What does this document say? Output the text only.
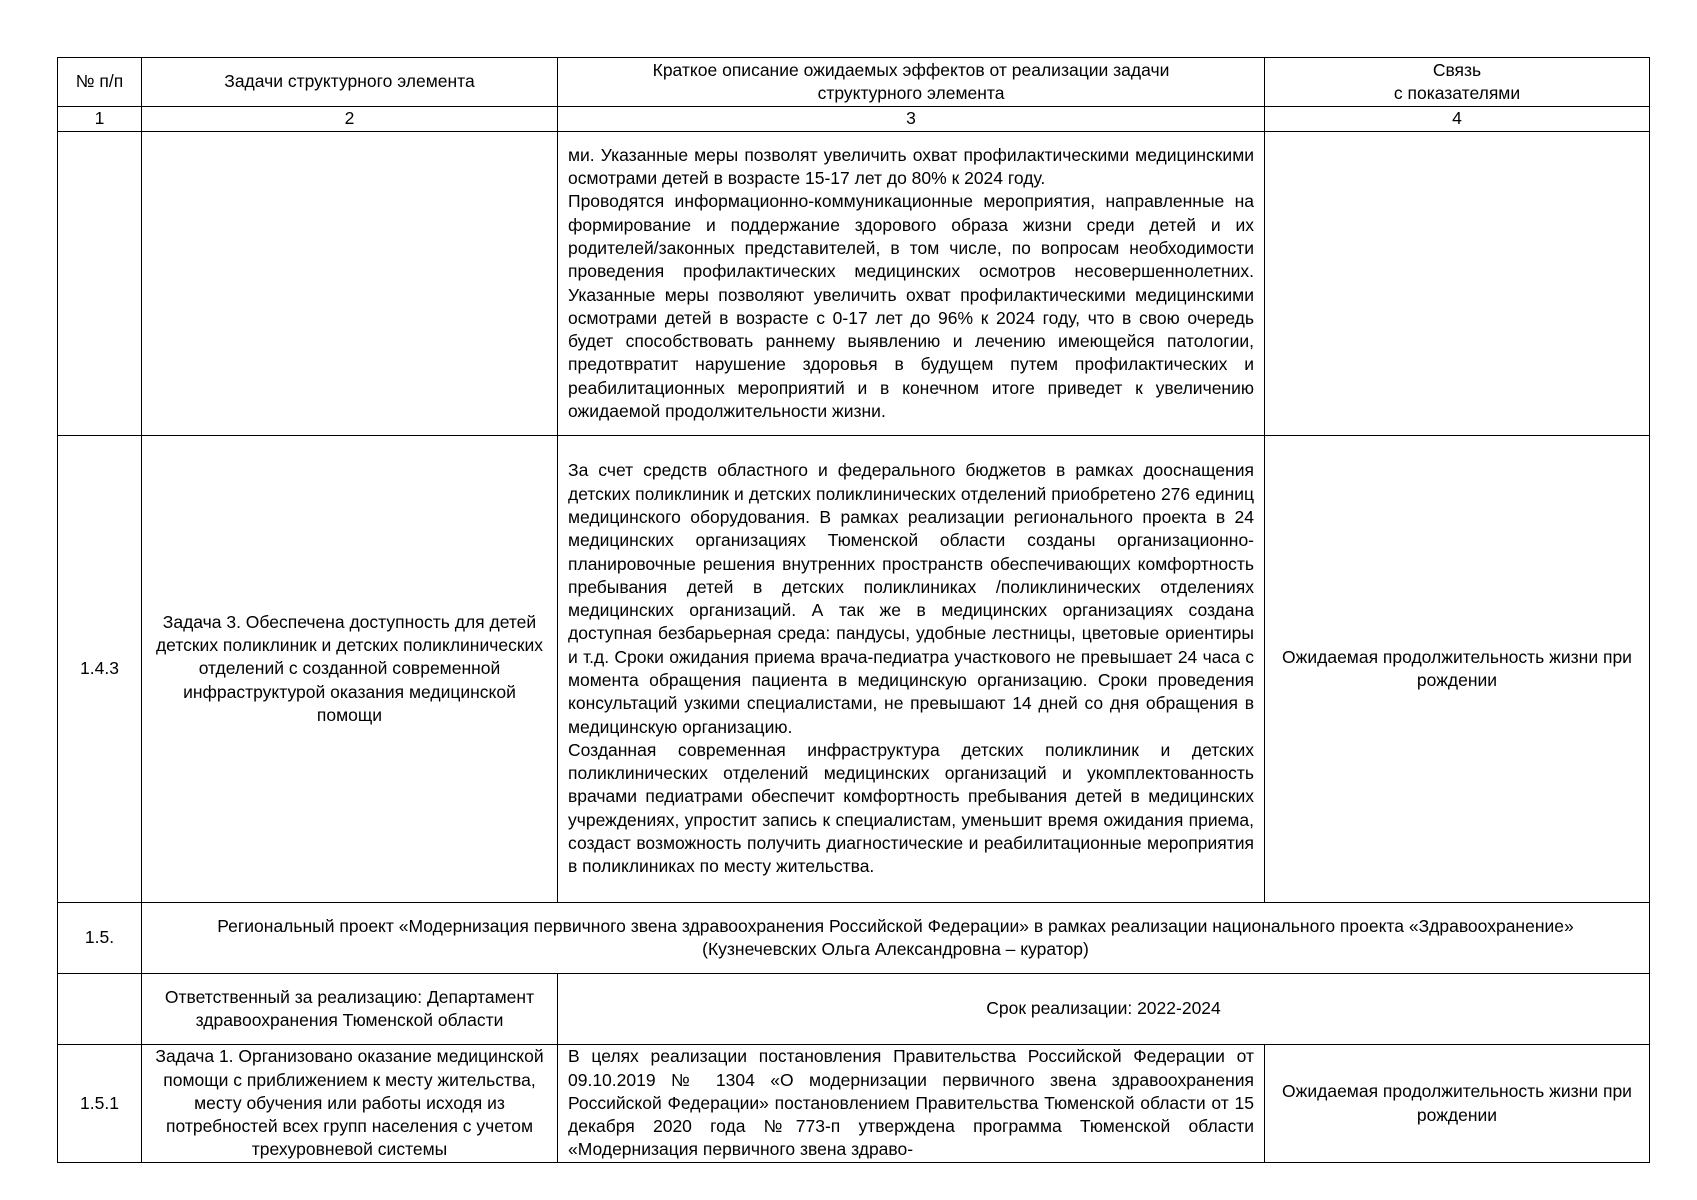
№ п/п	Задачи структурного элемента	Краткое описание ожидаемых эффектов от реализации задачи структурного элемента	Связь
с показателями

1	2	3	4

		ми. Указанные меры позволят увеличить охват профилактическими медицинскими осмотрами детей в возрасте 15-17 лет до 80% к 2024 году.

Проводятся информационно-коммуникационные мероприятия, направленные на формирование и поддержание здорового образа жизни среди детей и их родителей/законных представителей, в том числе, по вопросам необходимости проведения профилактических медицинских осмотров несовершеннолетних. Указанные меры позволяют увеличить охват профилактическими медицинскими осмотрами детей в возрасте с 0-17 лет до 96% к 2024 году, что в свою очередь будет способствовать раннему выявлению и лечению имеющейся патологии, предотвратит нарушение здоровья в будущем путем профилактических и реабилитационных мероприятий и в конечном итоге приведет к увеличению ожидаемой продолжительности жизни.	

1.4.3	Задача 3. Обеспечена доступность для детей детских поликлиник и детских поликлинических отделений с созданной современной инфраструктурой оказания медицинской помощи	За счет средств областного и федерального бюджетов в рамках дооснащения детских поликлиник и детских поликлинических отделений приобретено 276 единиц медицинского оборудования. В рамках реализации регионального проекта в 24 медицинских организациях Тюменской области созданы организационно-планировочные решения внутренних пространств обеспечивающих комфортность пребывания детей в детских поликлиниках /поликлинических отделениях медицинских организаций. А так же в медицинских организациях создана доступная безбарьерная среда: пандусы, удобные лестницы, цветовые ориентиры и т.д. Сроки ожидания приема врача-педиатра участкового не превышает 24 часа с момента обращения пациента в медицинскую организацию. Сроки проведения консультаций узкими специалистами, не превышают 14 дней со дня обращения в медицинскую организацию.

Созданная современная инфраструктура детских поликлиник и детских поликлинических отделений медицинских организаций и укомплектованность врачами педиатрами обеспечит комфортность пребывания детей в медицинских учреждениях, упростит запись к специалистам, уменьшит время ожидания приема, создаст возможность получить диагностические и реабилитационные мероприятия в поликлиниках по месту жительства.	Ожидаемая продолжительность жизни при рождении
1.5.	Региональный проект «Модернизация первичного звена здравоохранения Российской Федерации» в рамках реализации национального проекта «Здравоохранение»
(Кузнечевских Ольга Александровна – куратор)		

	Ответственный за реализацию: Департамент здравоохранения Тюменской области	Срок реализации: 2022-2024	
1.5.1	Задача 1. Организовано оказание медицинской помощи с приближением к месту жительства, месту обучения или работы исходя из потребностей всех групп населения с учетом трехуровневой системы	В целях реализации постановления Правительства Российской Федерации от 09.10.2019 № 1304 «О модернизации первичного звена здравоохранения Российской Федерации» постановлением Правительства Тюменской области от 15 декабря 2020 года №773-п утверждена программа Тюменской области «Модернизация первичного звена здраво-	Ожидаемая продолжительность жизни при рождении
